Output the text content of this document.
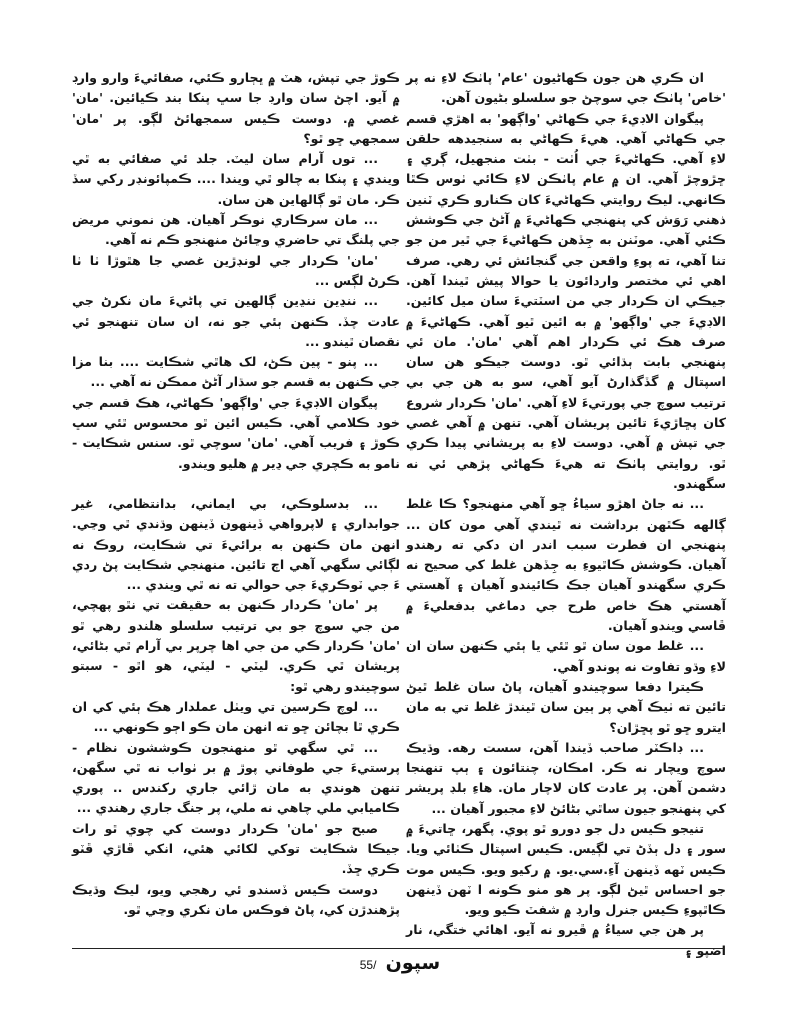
ان ڪري هن جون ڪهاڻيون 'عام' پاٺڪ لاءِ نه پر 'خاص' پاٺڪ جي سوچڻ جو سلسلو بڻيون آهن.

پيگوان الاڊيءَ جي ڪهاڻي 'واڳهو' به اهڙي قسم جي ڪهاڻي آهي. هيءَ ڪهاڻي به سنجيدهه حلقن لاءِ آهي. ڪهاڻيءَ جي اُٺت - بٺت منجهيل، ڳري ۽ ڇڙوچڙ آهي. ان ۾ عام پاٺڪن لاءِ ڪائي ٺوس ڪٿا ڪانهي. ليڪ روايتي ڪهاڻيءَ کان ڪنارو ڪري ٽنين ذهني رَوَش کي پنهنجي ڪهاڻيءَ ۾ آڻڻ جي ڪوشش ڪئي آهي. موٽنن به جِڏهن ڪهاڻيءَ جي ٿير من جو تنا آهي، ته پوءِ واقعن جي گنجائش ئي رهي. صرف اهي ئي مختصر واردائون يا حوالا پيش ٿيندا آهن. جيڪي ان ڪردار جي من اسٽتيءَ سان ميل کائين. الاڊيءَ جي 'واڳهو' ۾ به ائين ٿيو آهي. ڪهاڻيءَ ۾ صرف هڪ ئي ڪردار اهم آهي 'مان'. مان ئي پنهنجي بابت ٻڌائي ٿو. دوست جيڪو هن سان اسپتال ۾ گڏگذارڻ آيو آهي، سو به هن جي بي ترتيب سوچ جي پورتيءَ لاءِ آهي. 'مان' ڪردار شروع کان پڇاڙيءَ تائين پريشان آهي. تنهن ۾ آهي غصي جي تپش ۾ آهي. دوست لاءِ به پريشاني پيدا ڪري ٿو. روايتي پاٺڪ ته هيءَ ڪهاڻي پڙهي ئي نه سگهندو.

... نه جاڻ اهڙو سياءُ ڇو آهي منهنجو؟ ڪا غلط ڳالهه ڪٿهن برداشت نه ٿيندي آهي مون کان ... پنهنجي ان فطرت سبب اندر ان دکي ته رهندو آهيان. ڪوشش ڪاٿيوءِ به جِڏهن غلط کي صحيح نه ڪري سگهندو آهيان جڪ ڪائيندو آهيان ۽ آهستي آهستي هڪ خاص طرح جي دماغي بدفعليءَ ۾ ڦاسي ويندو آهيان.

... غلط مون سان ٿو ٿئي يا ٻئي ڪنهن سان ان لاءِ وڌو تفاوت نه پوندو آهي.

ڪيترا دفعا سوچيندو آهيان، پاڻ سان غلط ٿيڻ تائين ته ٺيڪ آهي پر ٻين سان ٿيندڙ غلط تي به مان ايترو ڇو ٿو پڇڙان؟

... ڊاڪٽر صاحب ڏيندا آهن، سست رهه. وڌيڪ سوچ ويچار نه ڪر. امڪان، چنتائون ۽ ٻپ تنهنجا دشمن آهن. پر عادت کان لاچار مان. هاءِ بلڊ پريشر کي پنهنجو جيون ساٿي بڻائڻ لاءِ مجبور آهيان ...

تنيجو ڪيس دل جو دورو ٿو پوي. پگهر، ڇاتيءَ ۾ سور ۽ دل ٻڏڻ تي لڳيس. ڪيس اسپتال ڪٺائي ويا. ڪيس ٽهه ڏينهن آءِ.سي.يو. ۾ رکيو ويو. ڪيس موت جو احساس ٿيڻ لڳو. پر هو منو ڪونه ا ٽهن ڏينهن ڪاٿپوءِ ڪيس جنرل وارڊ ۾ شفٽ ڪيو ويو.

پر هن جي سياءُ ۾ ڦيرو نه آيو. اهائي ختگي، نار اضپو ۽

ڪوڙ جي تپش، هٽ ۾ ڀڄارو ڪئي، صفائيءَ وارو وارڊ ۾ آيو. اچڻ سان وارڊ جا سڀ پنکا بند ڪيائين. 'مان' غصي ۾. دوست ڪيس سمجهائڻ لڳو. پر 'مان' سمجهي ڇو ٿو؟

... توں آرام سان ليٽ. جلد ئي صفائي به ٿي ويندي ۽ پنکا به چالو ٿي ويندا .... ڪمپائونڊر رکي سڏ ڪر. مان ٿو ڳالهاين هن سان.

... مان سرڪاري نوڪر آهيان. هن نموني مريض جي پلنگ تي حاضري وڃائڻ منهنجو ڪم نه آهي.

'مان' ڪردار جي لونڊڙين غصي جا هٿوڙا ٺا ٺا ڪرڻ لڳس ...

... ننڍين ننڍين ڳالهين تي پاڻيءَ مان نکرڻ جي عادت چڏ. ڪنهن ٻئي جو نه، ان سان تنهنجو ئي نقصان ٿيندو ...

... پنو - پين ڪڻ، لک هاٿي شڪايت .... بنا مزا جي ڪنهن به قسم جو سڌار آڻڻ ممڪن نه آهي ...

پيگوان الاڊيءَ جي 'واڳهو' ڪهاڻي، هڪ قسم جي خود ڪلامي آهي. ڪيس ائين ٿو محسوس ٿئي سڀ ڪوڙ ۽ فريب آهي. 'مان' سوچي ٿو. سنس شڪايت - نامو به ڪچري جي ڍير ۾ هليو ويندو.

... بدسلوڪي، بي ايماني، بدانتظامي، غير جوابداري ۽ لاپرواهي ڏينهون ڏينهن وڌندي ٿي وڃي. انهن مان ڪنهن به برائيءَ تي شڪايت، روڪ نه لڳائي سگهي آهي اڄ تائين. منهنجي شڪايت پڻ ردي ءَ جي ٽوڪريءَ جي حوالي ته نه ٿي ويندي ...

پر 'مان' ڪردار ڪنهن به حقيقت تي نٿو پهچي، من جي سوچ جو بي ترتيب سلسلو هلندو رهي ٿو 'مان' ڪردار ڪي من جي اها چرپر بي آرام ٿي بڻائي، پريشان ٿي ڪري. ليٽي - ليٽي، هو اٿو - سبتو سوچيندو رهي ٿو:

... لوچ ڪرسين تي ويٺل عملدار هڪ ٻئي کي ان ڪري ٿا بچائن ڇو ته انهن مان ڪو اڄو ڪونهي ...

... ٿي سگهي ٿو منهنجون ڪوششون نظام - پرستيءَ جي طوفاني پوڙ ۾ بر ٺواب نه ٿي سگهن، تنهن هوندي به مان ڙائي جاري رکندس .. پوري ڪاميابي ملي چاهي نه ملي، پر جنگ جاري رهندي ...

صبح جو 'مان' ڪردار دوست کي چوي ٿو رات جيڪا شڪايت توکي لکائي هئي، انکي ڦاڙي ڦٽو ڪري ڇڏ.

دوست ڪيس ڏسندو ئي رهجي ويو، ليڪ وڌيڪ پڙهندڙن کي، پاڻ فوڪس مان نکري وڃي ٿو.

55/ سپون
